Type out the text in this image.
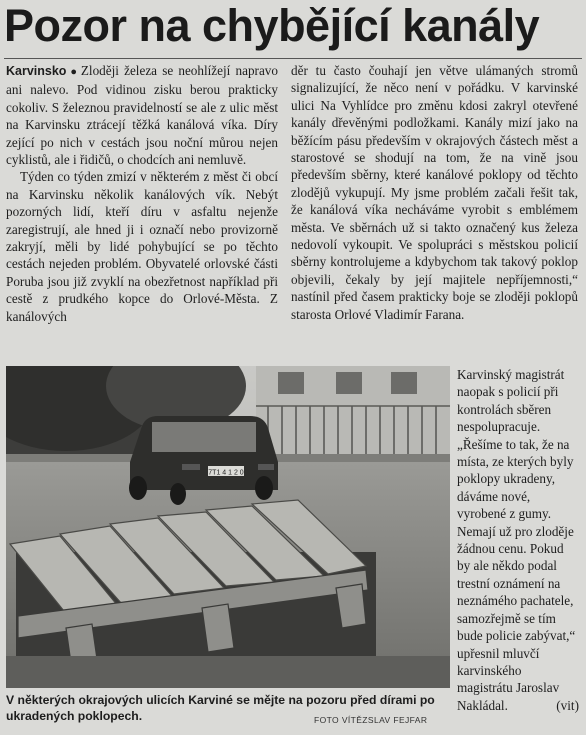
Pozor na chybějící kanály

Karvinsko ● Zloději železa se neohlížejí napravo ani nalevo. Pod vidinou zisku berou prakticky cokoliv. S železnou pravidelností se ale z ulic měst na Karvinsku ztrácejí těžká kanálová víka. Díry zející po nich v cestách jsou noční můrou nejen cyklistů, ale i řidičů, o chodcích ani nemluvě.

Týden co týden zmizí v některém z měst či obcí na Karvinsku několik kanálových vík. Nebýt pozorných lidí, kteří díru v asfaltu nejenže zaregistrují, ale hned ji i označí nebo provizorně zakryjí, měli by lidé pohybující se po těchto cestách nejeden problém. Obyvatelé orlovské části Poruba jsou již zvyklí na obezřetnost například při cestě z prudkého kopce do Orlové-Města. Z kanálových

děr tu často čouhají jen větve ulámaných stromů signalizující, že něco není v pořádku. V karvinské ulici Na Vyhlídce pro změnu kdosi zakryl otevřené kanály dřevěnými podložkami. Kanály mizí jako na běžícím pásu především v okrajových částech měst a starostové se shodují na tom, že na vině jsou především sběrny, které kanálové poklopy od těchto zlodějů vykupují. My jsme problém začali řešit tak, že kanálová víka necháváme vyrobit s emblémem města. Ve sběrnách už si takto označený kus železa nedovolí vykoupit. Ve spolupráci s městskou policií sběrny kontrolujeme a kdybychom tak takový poklop objevili, čekaly by její majitele nepříjemnosti,“ nastínil před časem prakticky boje se zloději poklopů starosta Orlové Vladimír Farana.

7T1 4 1 2 0

Karvinský magistrát naopak s policií při kontrolách sběren nespolupracuje. „Řešíme to tak, že na místa, ze kterých byly poklopy ukradeny, dáváme nové, vyrobené z gumy. Nemají už pro zloděje žádnou cenu. Pokud by ale někdo podal trestní oznámení na neznámého pachatele, samozřejmě se tím bude policie zabývat,“ upřesnil mluvčí karvinského magistrátu Jaroslav Nakládal.	(vit)
V některých okrajových ulicích Karviné se mějte na pozoru před dírami po ukradených poklopech.	FOTO VÍTĚZSLAV FEJFAR
